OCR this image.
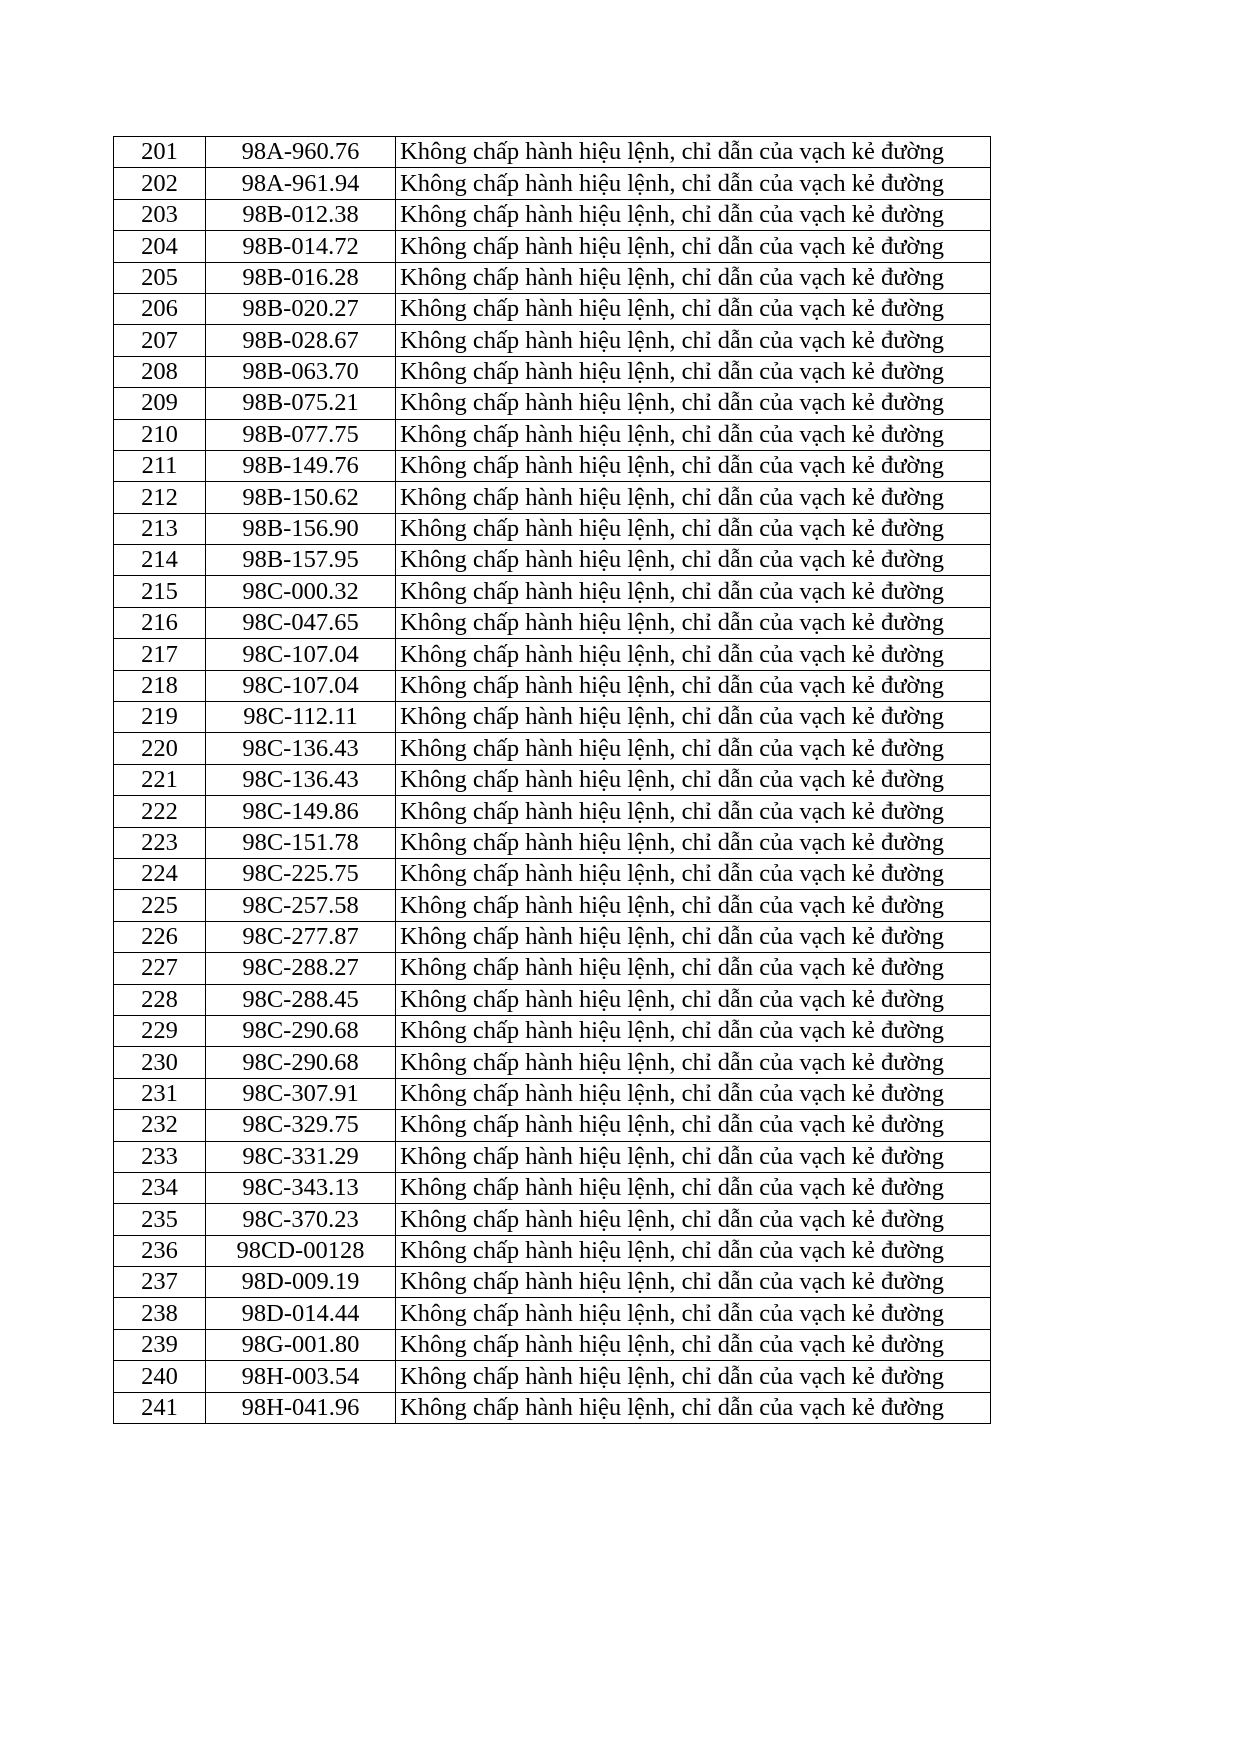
201	98A-960.76	Không chấp hành hiệu lệnh, chỉ dẫn của vạch kẻ đường
202	98A-961.94	Không chấp hành hiệu lệnh, chỉ dẫn của vạch kẻ đường
203	98B-012.38	Không chấp hành hiệu lệnh, chỉ dẫn của vạch kẻ đường
204	98B-014.72	Không chấp hành hiệu lệnh, chỉ dẫn của vạch kẻ đường
205	98B-016.28	Không chấp hành hiệu lệnh, chỉ dẫn của vạch kẻ đường
206	98B-020.27	Không chấp hành hiệu lệnh, chỉ dẫn của vạch kẻ đường
207	98B-028.67	Không chấp hành hiệu lệnh, chỉ dẫn của vạch kẻ đường
208	98B-063.70	Không chấp hành hiệu lệnh, chỉ dẫn của vạch kẻ đường
209	98B-075.21	Không chấp hành hiệu lệnh, chỉ dẫn của vạch kẻ đường
210	98B-077.75	Không chấp hành hiệu lệnh, chỉ dẫn của vạch kẻ đường
211	98B-149.76	Không chấp hành hiệu lệnh, chỉ dẫn của vạch kẻ đường
212	98B-150.62	Không chấp hành hiệu lệnh, chỉ dẫn của vạch kẻ đường
213	98B-156.90	Không chấp hành hiệu lệnh, chỉ dẫn của vạch kẻ đường
214	98B-157.95	Không chấp hành hiệu lệnh, chỉ dẫn của vạch kẻ đường
215	98C-000.32	Không chấp hành hiệu lệnh, chỉ dẫn của vạch kẻ đường
216	98C-047.65	Không chấp hành hiệu lệnh, chỉ dẫn của vạch kẻ đường
217	98C-107.04	Không chấp hành hiệu lệnh, chỉ dẫn của vạch kẻ đường
218	98C-107.04	Không chấp hành hiệu lệnh, chỉ dẫn của vạch kẻ đường
219	98C-112.11	Không chấp hành hiệu lệnh, chỉ dẫn của vạch kẻ đường
220	98C-136.43	Không chấp hành hiệu lệnh, chỉ dẫn của vạch kẻ đường
221	98C-136.43	Không chấp hành hiệu lệnh, chỉ dẫn của vạch kẻ đường
222	98C-149.86	Không chấp hành hiệu lệnh, chỉ dẫn của vạch kẻ đường
223	98C-151.78	Không chấp hành hiệu lệnh, chỉ dẫn của vạch kẻ đường
224	98C-225.75	Không chấp hành hiệu lệnh, chỉ dẫn của vạch kẻ đường
225	98C-257.58	Không chấp hành hiệu lệnh, chỉ dẫn của vạch kẻ đường
226	98C-277.87	Không chấp hành hiệu lệnh, chỉ dẫn của vạch kẻ đường
227	98C-288.27	Không chấp hành hiệu lệnh, chỉ dẫn của vạch kẻ đường
228	98C-288.45	Không chấp hành hiệu lệnh, chỉ dẫn của vạch kẻ đường
229	98C-290.68	Không chấp hành hiệu lệnh, chỉ dẫn của vạch kẻ đường
230	98C-290.68	Không chấp hành hiệu lệnh, chỉ dẫn của vạch kẻ đường
231	98C-307.91	Không chấp hành hiệu lệnh, chỉ dẫn của vạch kẻ đường
232	98C-329.75	Không chấp hành hiệu lệnh, chỉ dẫn của vạch kẻ đường
233	98C-331.29	Không chấp hành hiệu lệnh, chỉ dẫn của vạch kẻ đường
234	98C-343.13	Không chấp hành hiệu lệnh, chỉ dẫn của vạch kẻ đường
235	98C-370.23	Không chấp hành hiệu lệnh, chỉ dẫn của vạch kẻ đường
236	98CD-00128	Không chấp hành hiệu lệnh, chỉ dẫn của vạch kẻ đường
237	98D-009.19	Không chấp hành hiệu lệnh, chỉ dẫn của vạch kẻ đường
238	98D-014.44	Không chấp hành hiệu lệnh, chỉ dẫn của vạch kẻ đường
239	98G-001.80	Không chấp hành hiệu lệnh, chỉ dẫn của vạch kẻ đường
240	98H-003.54	Không chấp hành hiệu lệnh, chỉ dẫn của vạch kẻ đường
241	98H-041.96	Không chấp hành hiệu lệnh, chỉ dẫn của vạch kẻ đường
